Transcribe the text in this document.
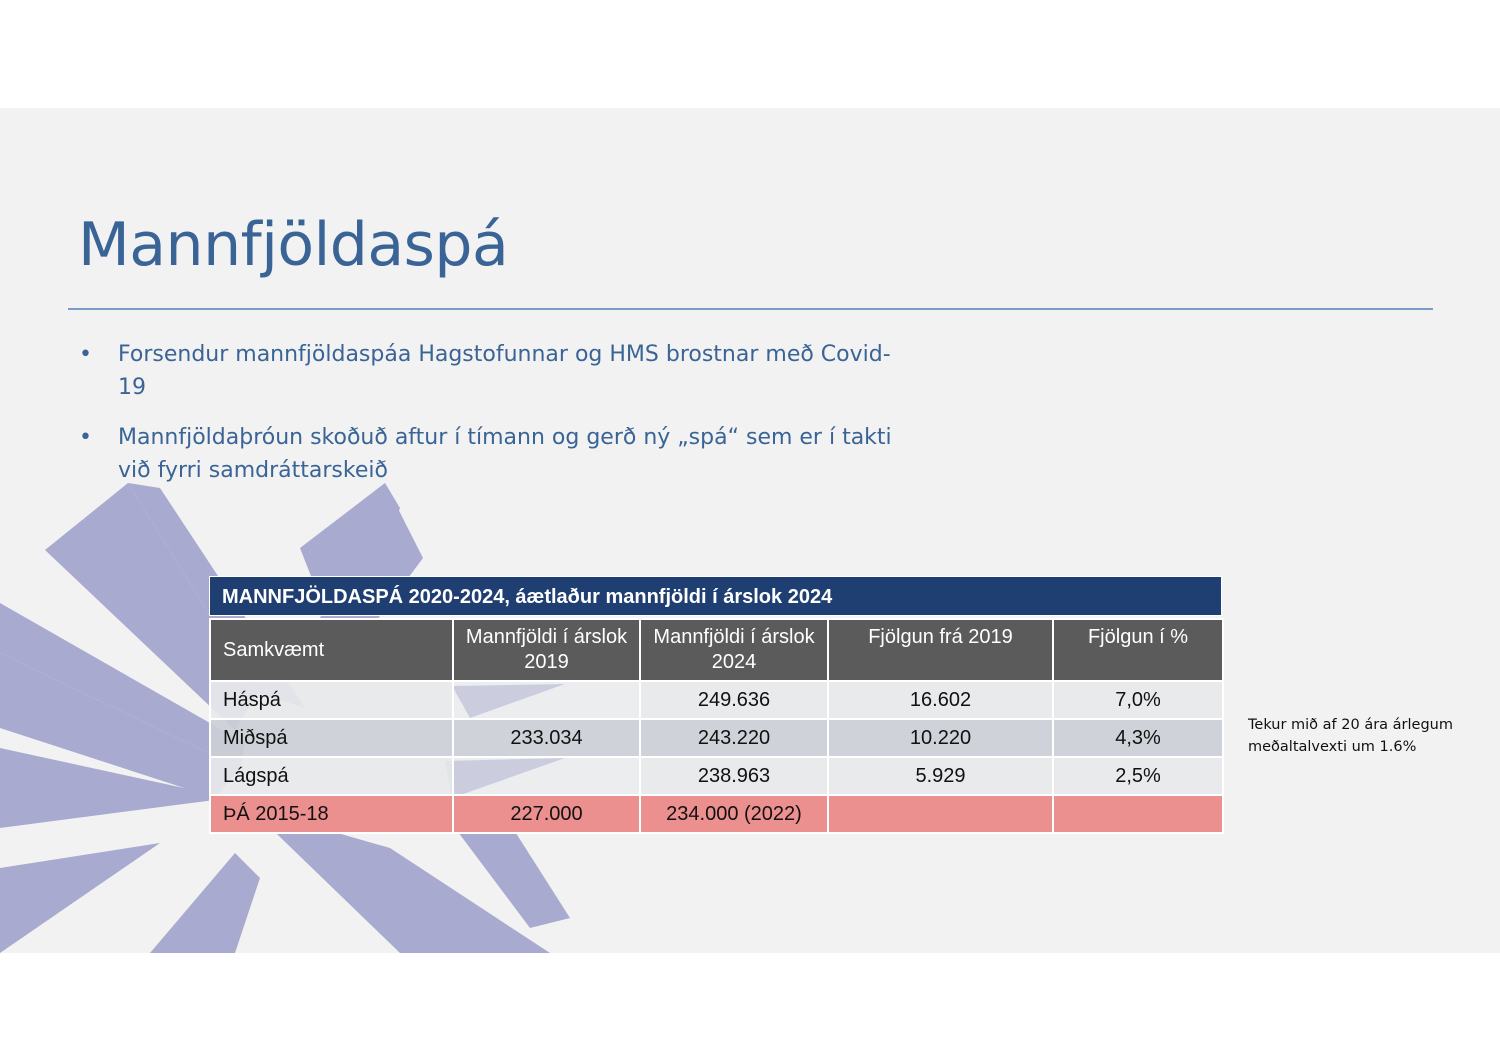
Mannfjöldaspá
• Forsendur mannfjöldaspáa Hagstofunnar og HMS brostnar með Covid-19
• Mannfjöldaþróun skoðuð aftur í tímann og gerð ný „spá“ sem er í takti við fyrri samdráttarskeið
MANNFJÖLDASPÁ 2020-2024, áætlaður mannfjöldi í árslok 2024
Samkvæmt	Mannfjöldi í árslok 2019	Mannfjöldi í árslok 2024	Fjölgun frá 2019	Fjölgun í %
Háspá		249.636	16.602	7,0%
Miðspá	233.034	243.220	10.220	4,3%
Lágspá		238.963	5.929	2,5%
ÞÁ 2015-18	227.000	234.000 (2022)		
Tekur mið af 20 ára árlegum
meðaltalvexti um 1.6%
